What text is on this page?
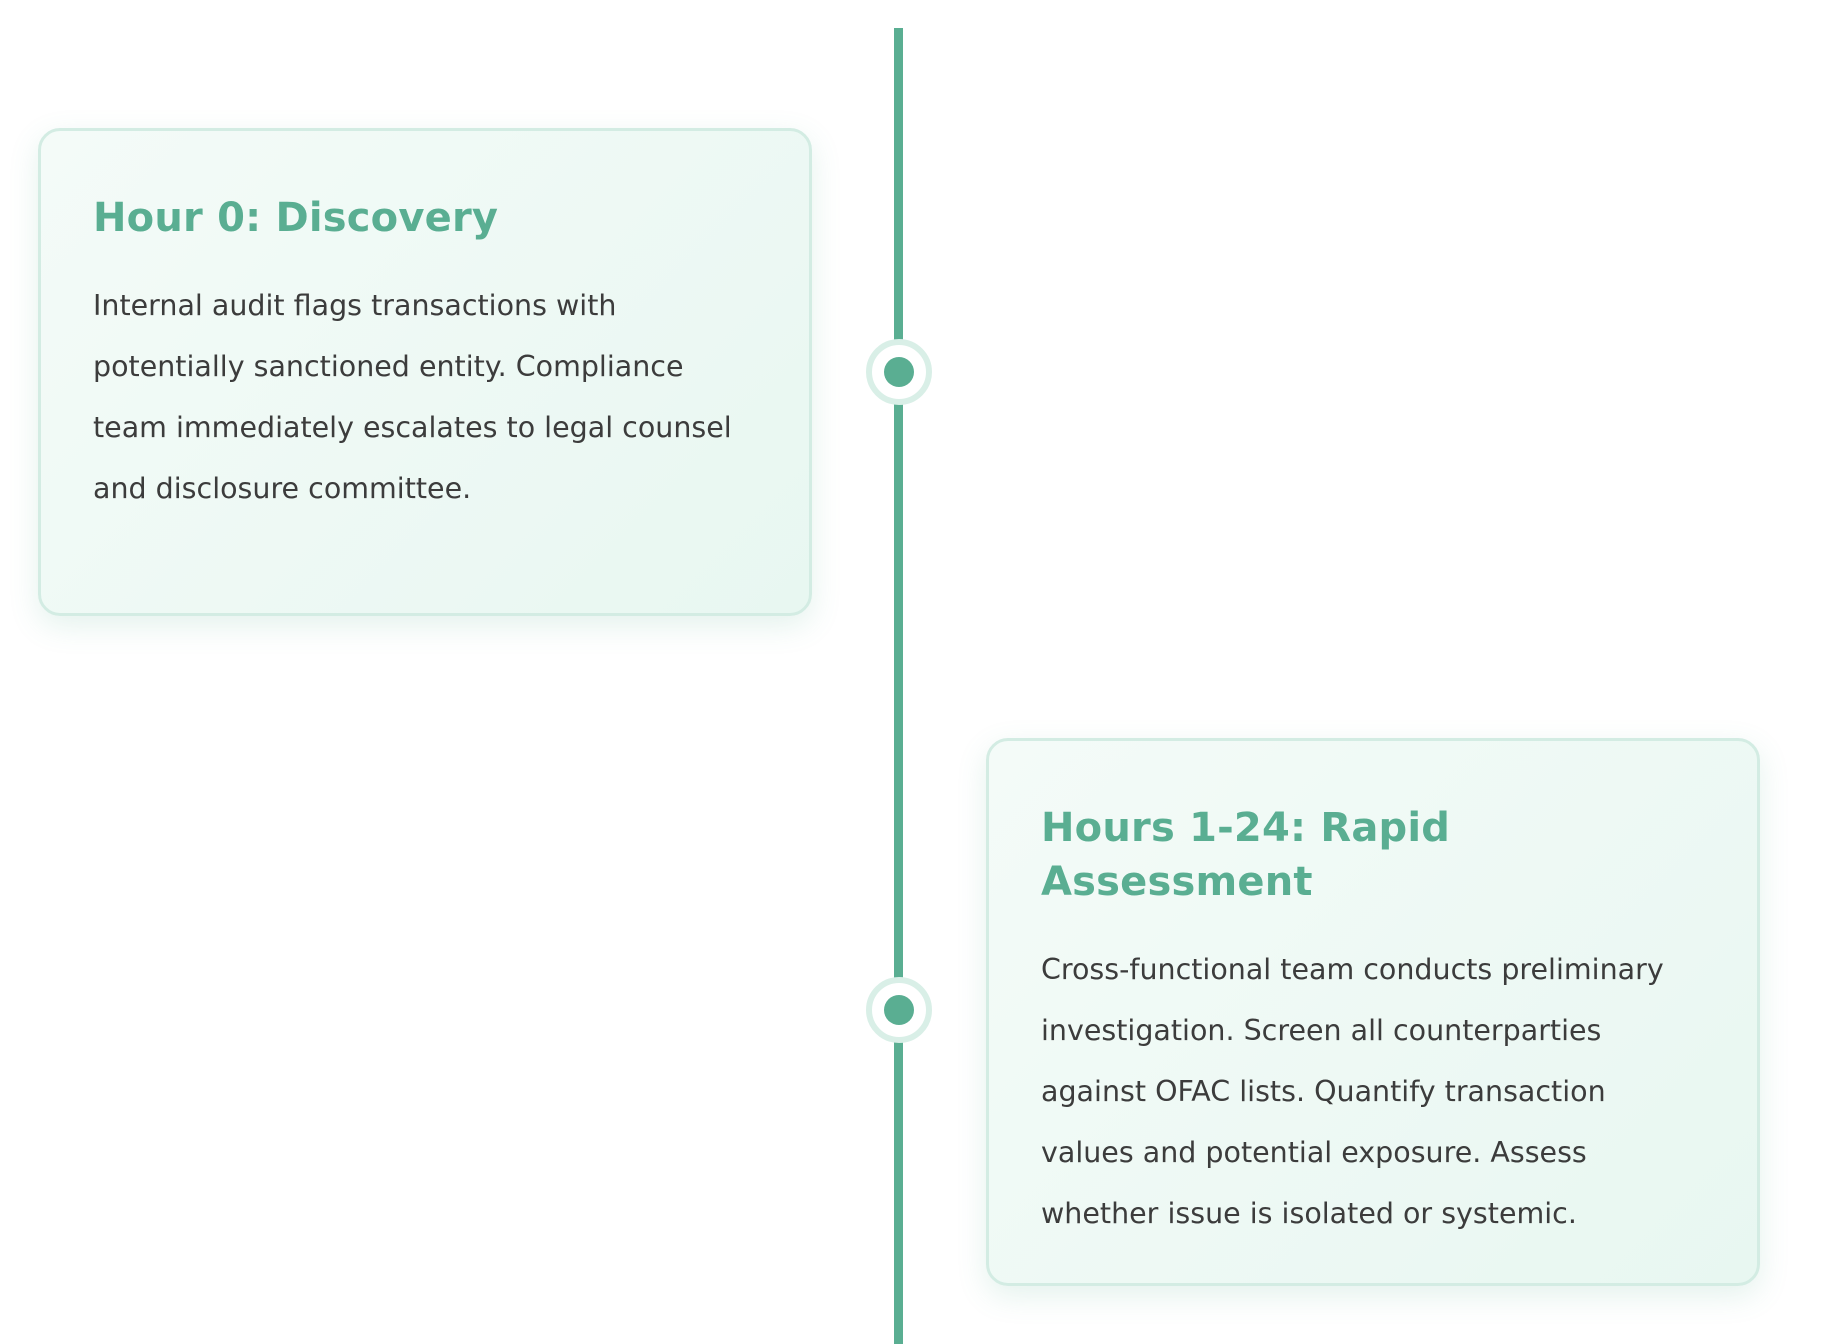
Hour 0: Discovery

Internal audit flags transactions with potentially sanctioned entity. Compliance team immediately escalates to legal counsel and disclosure committee.

Hours 1-24: Rapid Assessment

Cross-functional team conducts preliminary investigation. Screen all counterparties against OFAC lists. Quantify transaction values and potential exposure. Assess whether issue is isolated or systemic.
